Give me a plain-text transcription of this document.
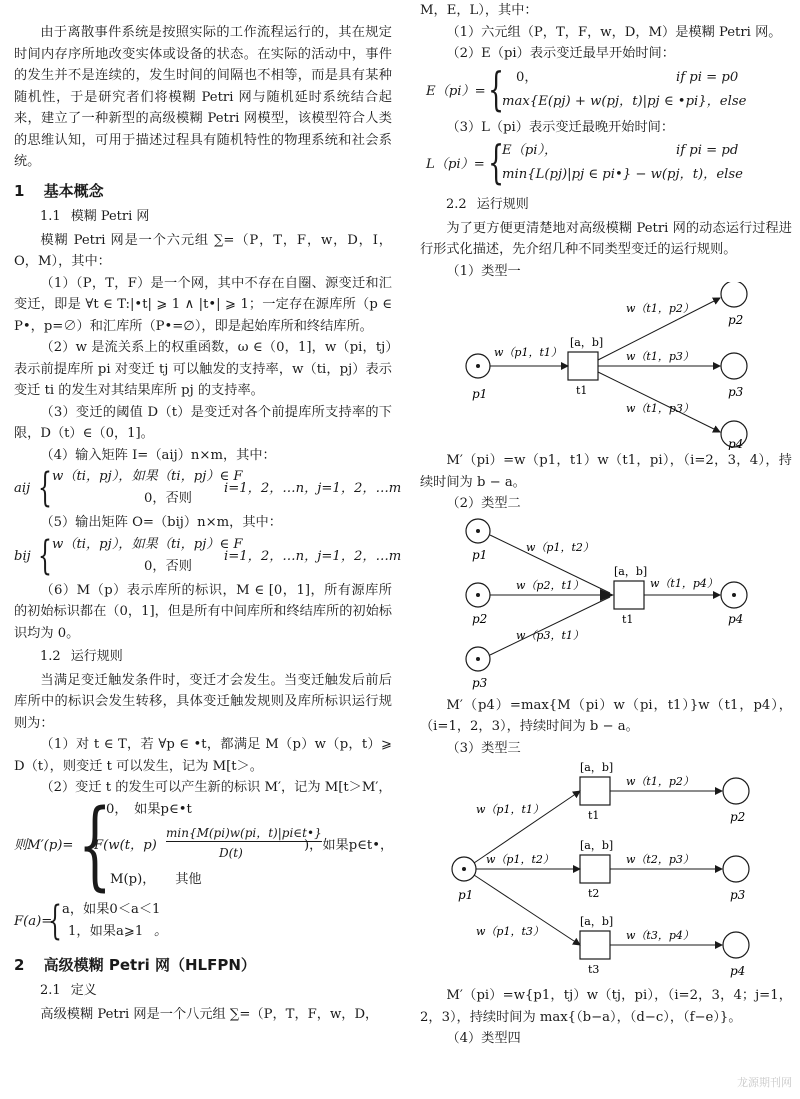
由于离散事件系统是按照实际的工作流程运行的，其在规定时间内存序所地改变实体或设备的状态。在实际的活动中，事件的发生并不是连续的，发生时间的间隔也不相等，而是具有某种随机性，于是研究者们将模糊 Petri 网与随机延时系统结合起来，建立了一种新型的高级模糊 Petri 网模型，该模型符合人类的思维认知，可用于描述过程具有随机特性的物理系统和社会系统。

1 基本概念
1.1 模糊 Petri 网

模糊 Petri 网是一个六元组 ∑=（P，T，F，w，D，I，O，M），其中：

（1）（P，T，F）是一个网，其中不存在自圈、源变迁和汇变迁，即是 ∀t ∈ T:|•t| ⩾ 1 ∧ |t•| ⩾ 1；一定存在源库所（p ∈ P•，p=∅）和汇库所（P•=∅），即是起始库所和终结库所。

（2）w 是流关系上的权重函数，ω ∈（0，1]，w（pi，tj）表示前提库所 pi 对变迁 tj 可以触发的支持率，w（ti，pj）表示变迁 ti 的发生对其结果库所 pj 的支持率。

（3）变迁的阈值 D（t）是变迁对各个前提库所支持率的下限，D（t）∈（0，1]。

（4）输入矩阵 I=（aij）n×m，其中：

aij { w（ti，pj），如果（ti，pj）∈ F
0，否则
i=1，2，…n，j=1，2，…m

（5）输出矩阵 O=（bij）n×m，其中：

bij { w（ti，pj），如果（ti，pj）∈ F
0，否则
i=1，2，…n，j=1，2，…m

（6）M（p）表示库所的标识，M ∈ [0，1]，所有源库所的初始标识都在（0，1]，但是所有中间库所和终结库所的初始标识均为 0。

1.2 运行规则

当满足变迁触发条件时，变迁才会发生。当变迁触发后前后库所中的标识会发生转移，具体变迁触发规则及库所标识运行规则为：

（1）对 t ∈ T，若 ∀p ∈ •t，都满足 M（p）w（p，t）⩾ D（t），则变迁 t 可以发生，记为 M[t＞。

（2）变迁 t 的发生可以产生新的标识 M′，记为 M[t＞M′，

则M′(p)= {
0，　如果p∈•t
F(w(t，p)
min{M(pi)w(pi，t)|pi∈t•}
D(t)	)，如果p∈t•，
M(p)，　　其他
F(a)=
{ a，如果0＜a＜1
1，如果a⩾1 。
2 高级模糊 Petri 网（HLFPN）
2.1 定义

高级模糊 Petri 网是一个八元组 ∑=（P，T，F，w，D，

M，E，L），其中：
（1）六元组（P，T，F，w，D，M）是模糊 Petri 网。
（2）E（pi）表示变迁最早开始时间：
E（pi）= { 0，	if pi = p0
max{E(pj) + w(pj，t)|pj ∈ •pi}，else
（3）L（pi）表示变迁最晚开始时间：
L（pi）= {
E（pi），	if pi = pd
min{L(pj)|pj ∈ pi•} − w(pj，t)，else
2.2 运行规则

为了更方便更清楚地对高级模糊 Petri 网的动态运行过程进行形式化描述，先介绍几种不同类型变迁的运行规则。

（1）类型一
p1
w（p1，t1）
[a，b]
t1
w（t1，p2）
w（t1，p3）
w（t1，p3）
p2
p3
p4

M′（pi）=w（p1，t1）w（t1，pi），（i=2，3，4），持续时间为 b − a。

（2）类型二
p1
p2
p3
w（p1，t2）
w（p2，t1）
w（p3，t1）
[a，b]
t1
w（t1，p4）
p4

M′（p4）=max{M（pi）w（pi，t1）}w（t1，p4），（i=1，2，3），持续时间为 b − a。

（3）类型三
p1
w（p1，t1）
w（p1，t2）
w（p1，t3）
[a，b]
[a，b]
[a，b]
t1
t2
t3
w（t1，p2）
w（t2，p3）
w（t3，p4）
p2
p3
p4

M′（pi）=w{p1，tj）w（tj，pi），（i=2，3，4；j=1，2，3），持续时间为 max{（b−a），（d−c），（f−e）}。

（4）类型四
龙源期刊网
